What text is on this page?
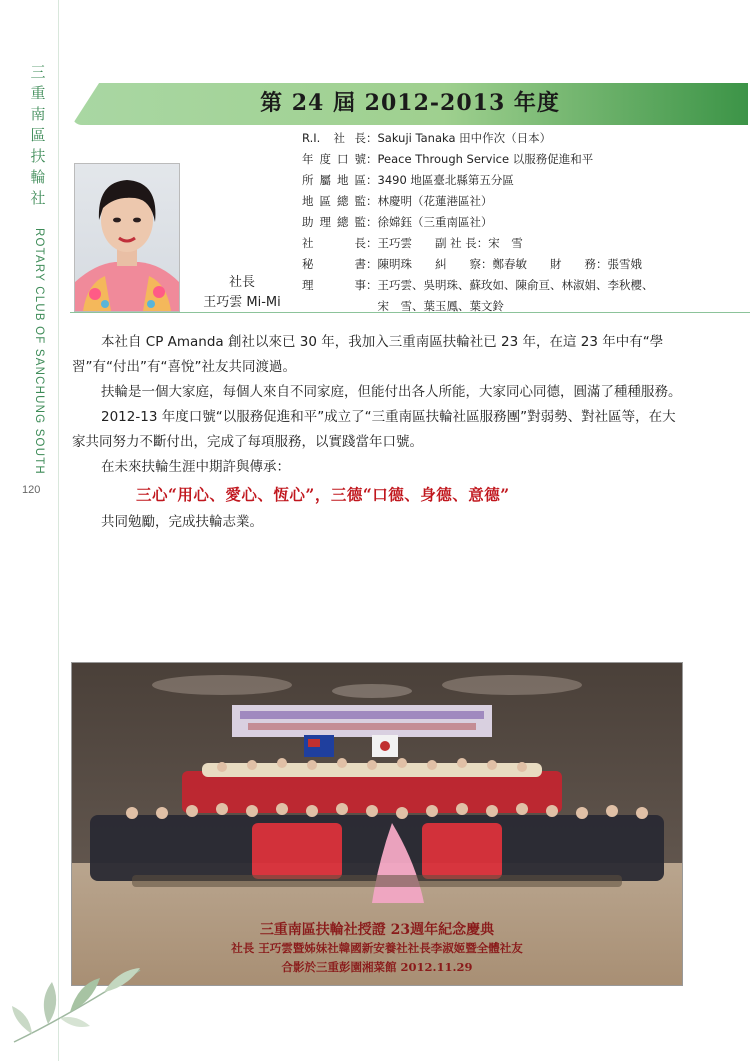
三
重
南
區
扶
輪
社
ROTARY CLUB OF SANCHUNG SOUTH
120
第 24 屆 2012-2013 年度
社長
王巧雲 Mi-Mi
R.I. 社長 ： Sakuji Tanaka 田中作次（日本）
年度口號 ： Peace Through Service 以服務促進和平
所屬地區 ： 3490 地區臺北縣第五分區
地區總監 ： 林慶明（花蓮港區社）
助理總監 ： 徐嫦鈺（三重南區社）
社　　長 ： 王巧雲　　副 社 長：宋　雪
秘　　書 ： 陳明珠　　糾　　察：鄭春敏　　財　　務：張雪娥
理　　事 ： 王巧雲、吳明珠、蘇玫如、陳俞亘、林淑娟、李秋櫻、

宋　雪、葉玉鳳、葉文鈴

本社自 CP Amanda 創社以來已 30 年，我加入三重南區扶輪社已 23 年，在這 23 年中有“學習”有“付出”有“喜悅”社友共同渡過。

扶輪是一個大家庭，每個人來自不同家庭，但能付出各人所能，大家同心同德，圓滿了種種服務。

2012-13 年度口號“以服務促進和平”成立了“三重南區扶輪社區服務團”對弱勢、對社區等，在大家共同努力不斷付出，完成了每項服務，以實踐當年口號。

在未來扶輪生涯中期許與傳承：

三心“用心、愛心、恆心”，三德“口德、身德、意德”

共同勉勵，完成扶輪志業。

三重南區扶輪社授證 23週年紀念慶典
社長 王巧雲暨姊妹社韓國新安養社社長李淑姬暨全體社友
合影於三重彭園湘菜館 2012.11.29
